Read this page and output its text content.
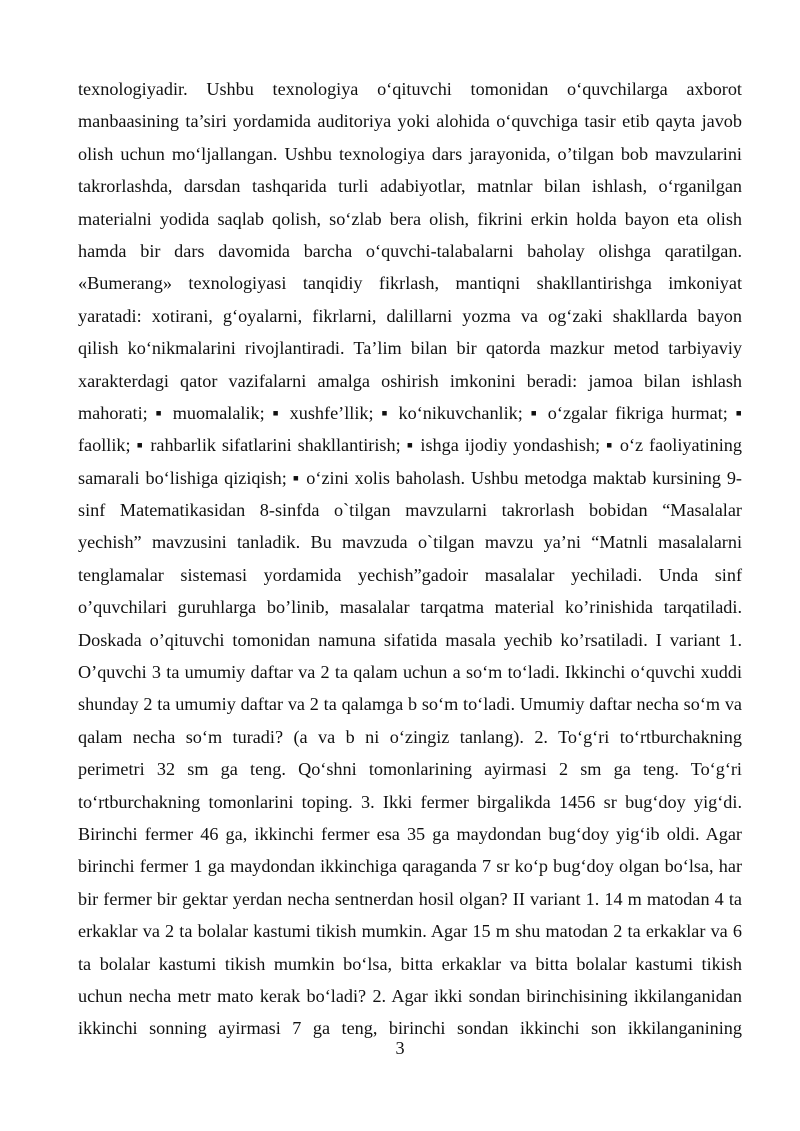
texnologiyadir. Ushbu texnologiya o‘qituvchi tomonidan o‘quvchilarga axborot
manbaasining ta’siri yordamida auditoriya yoki alohida o‘quvchiga tasir etib qayta javob
olish uchun mo‘ljallangan. Ushbu texnologiya dars jarayonida, o’tilgan bob mavzularini
takrorlashda, darsdan tashqarida turli adabiyotlar, matnlar bilan ishlash, o‘rganilgan
materialni yodida saqlab qolish, so‘zlab bera olish, fikrini erkin holda bayon eta olish
hamda bir dars davomida barcha o‘quvchi-talabalarni baholay olishga qaratilgan.
«Bumerang» texnologiyasi tanqidiy fikrlash, mantiqni shakllantirishga imkoniyat
yaratadi: xotirani, g‘oyalarni, fikrlarni, dalillarni yozma va og‘zaki shakllarda bayon
qilish ko‘nikmalarini rivojlantiradi. Ta’lim bilan bir qatorda mazkur metod tarbiyaviy
xarakterdagi qator vazifalarni amalga oshirish imkonini beradi: jamoa bilan ishlash
mahorati; ▪ muomalalik; ▪ xushfe’llik; ▪ ko‘nikuvchanlik; ▪ o‘zgalar fikriga hurmat; ▪
faollik; ▪ rahbarlik sifatlarini shakllantirish; ▪ ishga ijodiy yondashish; ▪ o‘z faoliyatining
samarali bo‘lishiga qiziqish; ▪ o‘zini xolis baholash. Ushbu metodga maktab kursining 9-
sinf Matematikasidan 8-sinfda o`tilgan mavzularni takrorlash bobidan “Masalalar
yechish” mavzusini tanladik. Bu mavzuda o`tilgan mavzu ya’ni “Matnli masalalarni
tenglamalar sistemasi yordamida yechish”gadoir masalalar yechiladi. Unda sinf
o’quvchilari guruhlarga bo’linib, masalalar tarqatma material ko’rinishida tarqatiladi.
Doskada o’qituvchi tomonidan namuna sifatida masala yechib ko’rsatiladi. I variant 1.
O’quvchi 3 ta umumiy daftar va 2 ta qalam uchun a so‘m to‘ladi. Ikkinchi o‘quvchi xuddi
shunday 2 ta umumiy daftar va 2 ta qalamga b so‘m to‘ladi. Umumiy daftar necha so‘m va
qalam necha so‘m turadi? (a va b ni o‘zingiz tanlang). 2. To‘g‘ri to‘rtburchakning
perimetri 32 sm ga teng. Qo‘shni tomonlarining ayirmasi 2 sm ga teng. To‘g‘ri
to‘rtburchakning tomonlarini toping. 3. Ikki fermer birgalikda 1456 sr bug‘doy yig‘di.
Birinchi fermer 46 ga, ikkinchi fermer esa 35 ga maydondan bug‘doy yig‘ib oldi. Agar
birinchi fermer 1 ga maydondan ikkinchiga qaraganda 7 sr ko‘p bug‘doy olgan bo‘lsa, har
bir fermer bir gektar yerdan necha sentnerdan hosil olgan? II variant 1. 14 m matodan 4 ta
erkaklar va 2 ta bolalar kastumi tikish mumkin. Agar 15 m shu matodan 2 ta erkaklar va 6
ta bolalar kastumi tikish mumkin bo‘lsa, bitta erkaklar va bitta bolalar kastumi tikish
uchun necha metr mato kerak bo‘ladi? 2. Agar ikki sondan birinchisining ikkilanganidan
ikkinchi sonning ayirmasi 7 ga teng, birinchi sondan ikkinchi son ikkilanganining
3
